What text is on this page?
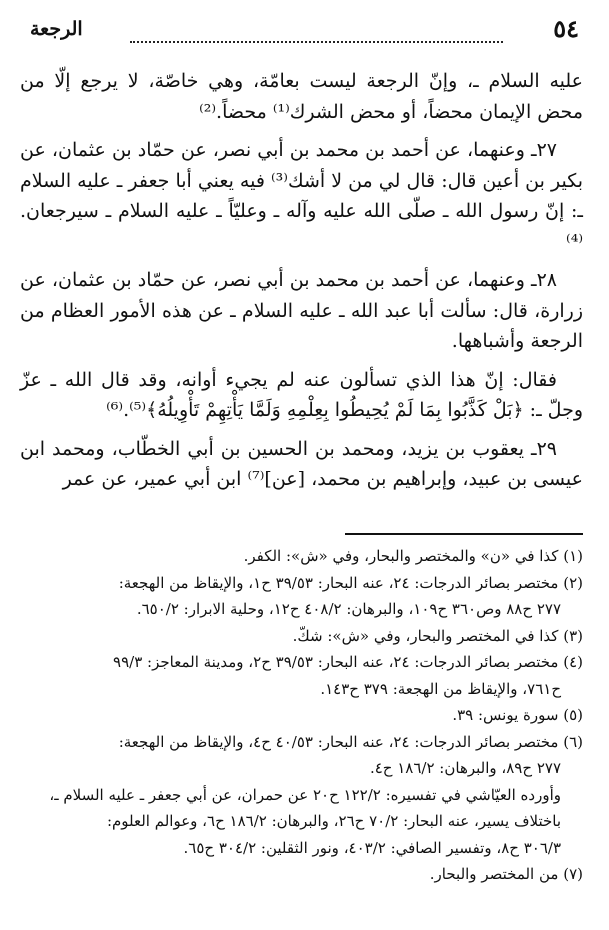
٥٤
الرجعة

عليه السلام ـ، وإنّ الرجعة ليست بعامّة، وهي خاصّة، لا يرجع إلّا من محض الإيمان محضاً، أو محض الشرك⁽¹⁾ محضاً.⁽²⁾

٢٧ـ وعنهما، عن أحمد بن محمد بن أبي نصر، عن حمّاد بن عثمان، عن بكير بن أعين قال: قال لي من لا أشك⁽³⁾ فيه يعني أبا جعفر ـ عليه السلام ـ: إنّ رسول الله ـ صلّى الله عليه وآله ـ وعليّاً ـ عليه السلام ـ سيرجعان.⁽⁴⁾

٢٨ـ وعنهما، عن أحمد بن محمد بن أبي نصر، عن حمّاد بن عثمان، عن زرارة، قال: سألت أبا عبد الله ـ عليه السلام ـ عن هذه الأمور العظام من الرجعة وأشباهها.

فقال: إنّ هذا الذي تسألون عنه لم يجيء أوانه، وقد قال الله ـ عزّ وجلّ ـ: ﴿بَلْ كَذَّبُوا بِمَا لَمْ يُحِيطُوا بِعِلْمِهِ وَلَمَّا يَأْتِهِمْ تَأْوِيلُهُ﴾⁽⁵⁾.⁽⁶⁾

٢٩ـ يعقوب بن يزيد، ومحمد بن الحسين بن أبي الخطّاب، ومحمد ابن عيسى بن عبيد، وإبراهيم بن محمد، [عن]⁽⁷⁾ ابن أبي عمير، عن عمر

(١) كذا في «ن» والمختصر والبحار، وفي «ش»: الكفر.

(٢) مختصر بصائر الدرجات: ٢٤، عنه البحار: ٣٩/٥٣ ح١، والإيقاظ من الهجعة:

٢٧٧ ح٨٨ وص٣٦٠ ح١٠٩، والبرهان: ٤٠٨/٢ ح١٢، وحلية الابرار: ٦٥٠/٢.

(٣) كذا في المختصر والبحار، وفي «ش»: شكّ.

(٤) مختصر بصائر الدرجات: ٢٤، عنه البحار: ٣٩/٥٣ ح٢، ومدينة المعاجز: ٩٩/٣

ح٧٦١، والإيقاظ من الهجعة: ٣٧٩ ح١٤٣.

(٥) سورة يونس: ٣٩.

(٦) مختصر بصائر الدرجات: ٢٤، عنه البحار: ٤٠/٥٣ ح٤، والإيقاظ من الهجعة:

٢٧٧ ح٨٩، والبرهان: ١٨٦/٢ ح٤.

وأورده العيّاشي في تفسيره: ١٢٢/٢ ح٢٠ عن حمران، عن أبي جعفر ـ عليه السلام ـ،

باختلاف يسير، عنه البحار: ٧٠/٢ ح٢٦، والبرهان: ١٨٦/٢ ح٦، وعوالم العلوم:

٣٠٦/٣ ح٨، وتفسير الصافي: ٤٠٣/٢، ونور الثقلين: ٣٠٤/٢ ح٦٥.

(٧) من المختصر والبحار.
